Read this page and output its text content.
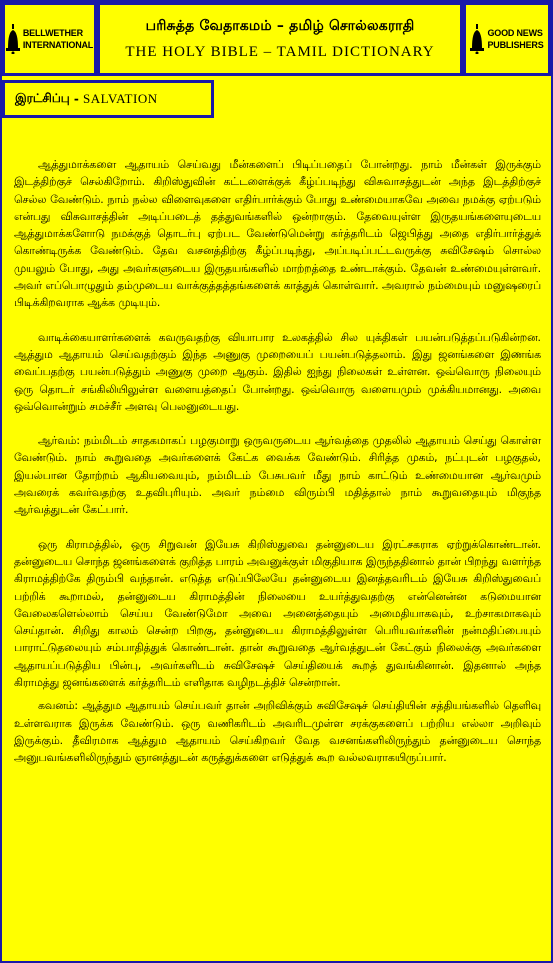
BELLWETHER
INTERNATIONAL
பரிசுத்த வேதாகமம் – தமிழ் சொல்லகராதி
THE HOLY BIBLE – TAMIL DICTIONARY
GOOD NEWS
PUBLISHERS
இரட்சிப்பு - SALVATION

ஆத்துமாக்களை ஆதாயம் செய்வது மீன்களைப் பிடிப்பதைப் போன்றது. நாம் மீன்கள் இருக்கும் இடத்திற்குச் செல்கிறோம். கிறிஸ்துவின் கட்டளைக்குக் கீழ்ப்படிந்து விசுவாசத்துடன் அந்த இடத்திற்குச் செல்ல வேண்டும். நாம் நல்ல விளைவுகளை எதிர்பார்க்கும் போது உண்மையாகவே அவை நமக்கு ஏற்படும் என்பது விசுவாசத்தின் அடிப்படைத் தத்துவங்களில் ஒன்றாகும். தேவையுள்ள இருதயங்களையுடைய ஆத்துமாக்களோடு நமக்குத் தொடர்பு ஏற்பட வேண்டுமென்று கர்த்தரிடம் ஜெபித்து அதை எதிர்பார்த்துக் கொண்டிருக்க வேண்டும். தேவ வசனத்திற்கு கீழ்ப்படிந்து, அப்படிப்பட்டவருக்கு சுவிசேஷம் சொல்ல முயலும் போது, அது அவர்களுடைய இருதயங்களில் மாற்றத்தை உண்டாக்கும். தேவன் உண்மையுள்ளவர். அவர் எப்பொழுதும் தம்முடைய வாக்குத்தத்தங்களைக் காத்துக் கொள்வார். அவரால் நம்மையும் மனுஷரைப் பிடிக்கிறவராக ஆக்க முடியும்.

வாடிக்கையாளர்களைக் கவருவதற்கு வியாபார உலகத்தில் சில யுக்திகள் பயன்படுத்தப்படுகின்றன. ஆத்தும ஆதாயம் செய்வதற்கும் இந்த அணுகு முறையைப் பயன்படுத்தலாம். இது ஜனங்களை இணங்க வைப்பதற்கு பயன்படுத்தும் அணுகு முறை ஆகும். இதில் ஐந்து நிலைகள் உள்ளன. ஒவ்வொரு நிலையும் ஒரு தொடர் சங்கிலியிலுள்ள வளையத்தைப் போன்றது. ஒவ்வொரு வளையமும் முக்கியமானது. அவை ஒவ்வொன்றும் சமச்சீர் அளவு பெலனுடையது.

ஆர்வம்: நம்மிடம் சாதகமாகப் பழகுமாறு ஒருவருடைய ஆர்வத்தை முதலில் ஆதாயம் செய்து கொள்ள வேண்டும். நாம் கூறுவதை அவர்களைக் கேட்க வைக்க வேண்டும். சிரித்த முகம், நட்புடன் பழகுதல், இயல்பான தோற்றம் ஆகியவையும், நம்மிடம் பேசுபவர் மீது நாம் காட்டும் உண்மையான ஆர்வமும் அவரைக் கவர்வதற்கு உதவிபுரியும். அவர் நம்மை விரும்பி மதித்தால் நாம் கூறுவதையும் மிகுந்த ஆர்வத்துடன் கேட்பார்.

ஒரு கிராமத்தில், ஒரு சிறுவன் இயேசு கிறிஸ்துவை தன்னுடைய இரட்சகராக ஏற்றுக்கொண்டான். தன்னுடைய சொந்த ஜனங்களைக் குறித்த பாரம் அவனுக்குள் மிகுதியாக இருந்ததினால் தான் பிறந்து வளர்ந்த கிராமத்திற்கே திரும்பி வந்தான். எடுத்த எடுப்பிலேயே தன்னுடைய இனத்தவரிடம் இயேசு கிறிஸ்துவைப் பற்றிக் கூறாமல், தன்னுடைய கிராமத்தின் நிலையை உயர்த்துவதற்கு என்னென்ன கடுமையான வேலைகளெல்லாம் செய்ய வேண்டுமோ அவை அனைத்தையும் அமைதியாகவும், உற்சாகமாகவும் செய்தான். சிறிது காலம் சென்ற பிறகு, தன்னுடைய கிராமத்திலுள்ள பெரியவர்களின் நன்மதிப்பையும் பாராட்டுதலையும் சம்பாதித்துக் கொண்டான். தான் கூறுவதை ஆர்வத்துடன் கேட்கும் நிலைக்கு அவர்களை ஆதாயப்படுத்திய பின்பு, அவர்களிடம் சுவிசேஷச் செய்தியைக் கூறத் துவங்கினான். இதனால் அந்த கிராமத்து ஜனங்களைக் கர்த்தரிடம் எளிதாக வழிநடத்திச் சென்றான்.

கவனம்: ஆத்தும ஆதாயம் செய்பவர் தான் அறிவிக்கும் சுவிசேஷச் செய்தியின் சத்தியங்களில் தெளிவு உள்ளவராக இருக்க வேண்டும். ஒரு வணிகரிடம் அவரிடமுள்ள சரக்குகளைப் பற்றிய எல்லா அறிவும் இருக்கும். தீவிரமாக ஆத்தும ஆதாயம் செய்கிறவர் வேத வசனங்களிலிருந்தும் தன்னுடைய சொந்த அனுபவங்களிலிருந்தும் ஞானத்துடன் கருத்துக்களை எடுத்துக் கூற வல்லவராகயிருப்பார்.
